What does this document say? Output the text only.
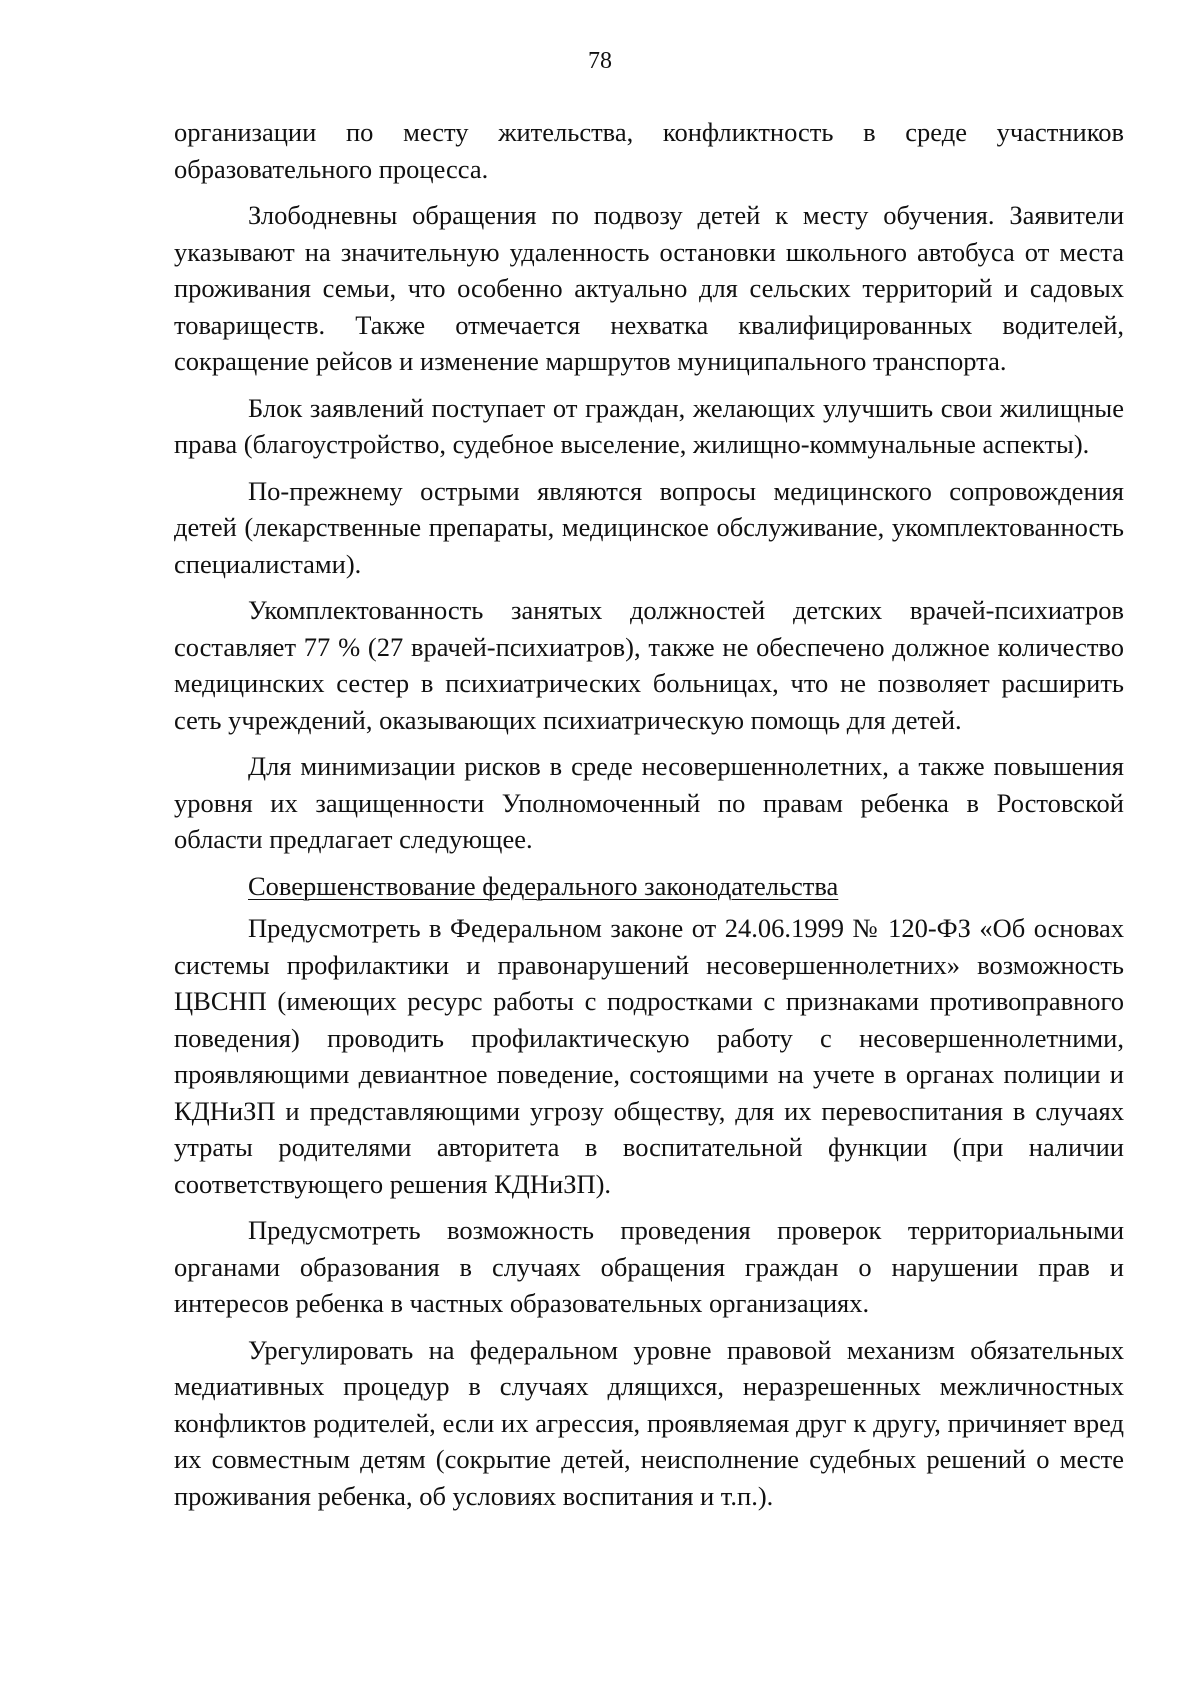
78

организации по месту жительства, конфликтность в среде участников образовательного процесса.

Злободневны обращения по подвозу детей к месту обучения. Заявители указывают на значительную удаленность остановки школьного автобуса от места проживания семьи, что особенно актуально для сельских территорий и садовых товариществ. Также отмечается нехватка квалифицированных водителей, сокращение рейсов и изменение маршрутов муниципального транспорта.

Блок заявлений поступает от граждан, желающих улучшить свои жилищные права (благоустройство, судебное выселение, жилищно-коммунальные аспекты).

По-прежнему острыми являются вопросы медицинского сопровождения детей (лекарственные препараты, медицинское обслуживание, укомплектованность специалистами).

Укомплектованность занятых должностей детских врачей-психиатров составляет 77 % (27 врачей-психиатров), также не обеспечено должное количество медицинских сестер в психиатрических больницах, что не позволяет расширить сеть учреждений, оказывающих психиатрическую помощь для детей.

Для минимизации рисков в среде несовершеннолетних, а также повышения уровня их защищенности Уполномоченный по правам ребенка в Ростовской области предлагает следующее.

Совершенствование федерального законодательства

Предусмотреть в Федеральном законе от 24.06.1999 № 120-ФЗ «Об основах системы профилактики и правонарушений несовершеннолетних» возможность ЦВСНП (имеющих ресурс работы с подростками с признаками противоправного поведения) проводить профилактическую работу с несовершеннолетними, проявляющими девиантное поведение, состоящими на учете в органах полиции и КДНиЗП и представляющими угрозу обществу, для их перевоспитания в случаях утраты родителями авторитета в воспитательной функции (при наличии соответствующего решения КДНиЗП).

Предусмотреть возможность проведения проверок территориальными органами образования в случаях обращения граждан о нарушении прав и интересов ребенка в частных образовательных организациях.

Урегулировать на федеральном уровне правовой механизм обязательных медиативных процедур в случаях длящихся, неразрешенных межличностных конфликтов родителей, если их агрессия, проявляемая друг к другу, причиняет вред их совместным детям (сокрытие детей, неисполнение судебных решений о месте проживания ребенка, об условиях воспитания и т.п.).
